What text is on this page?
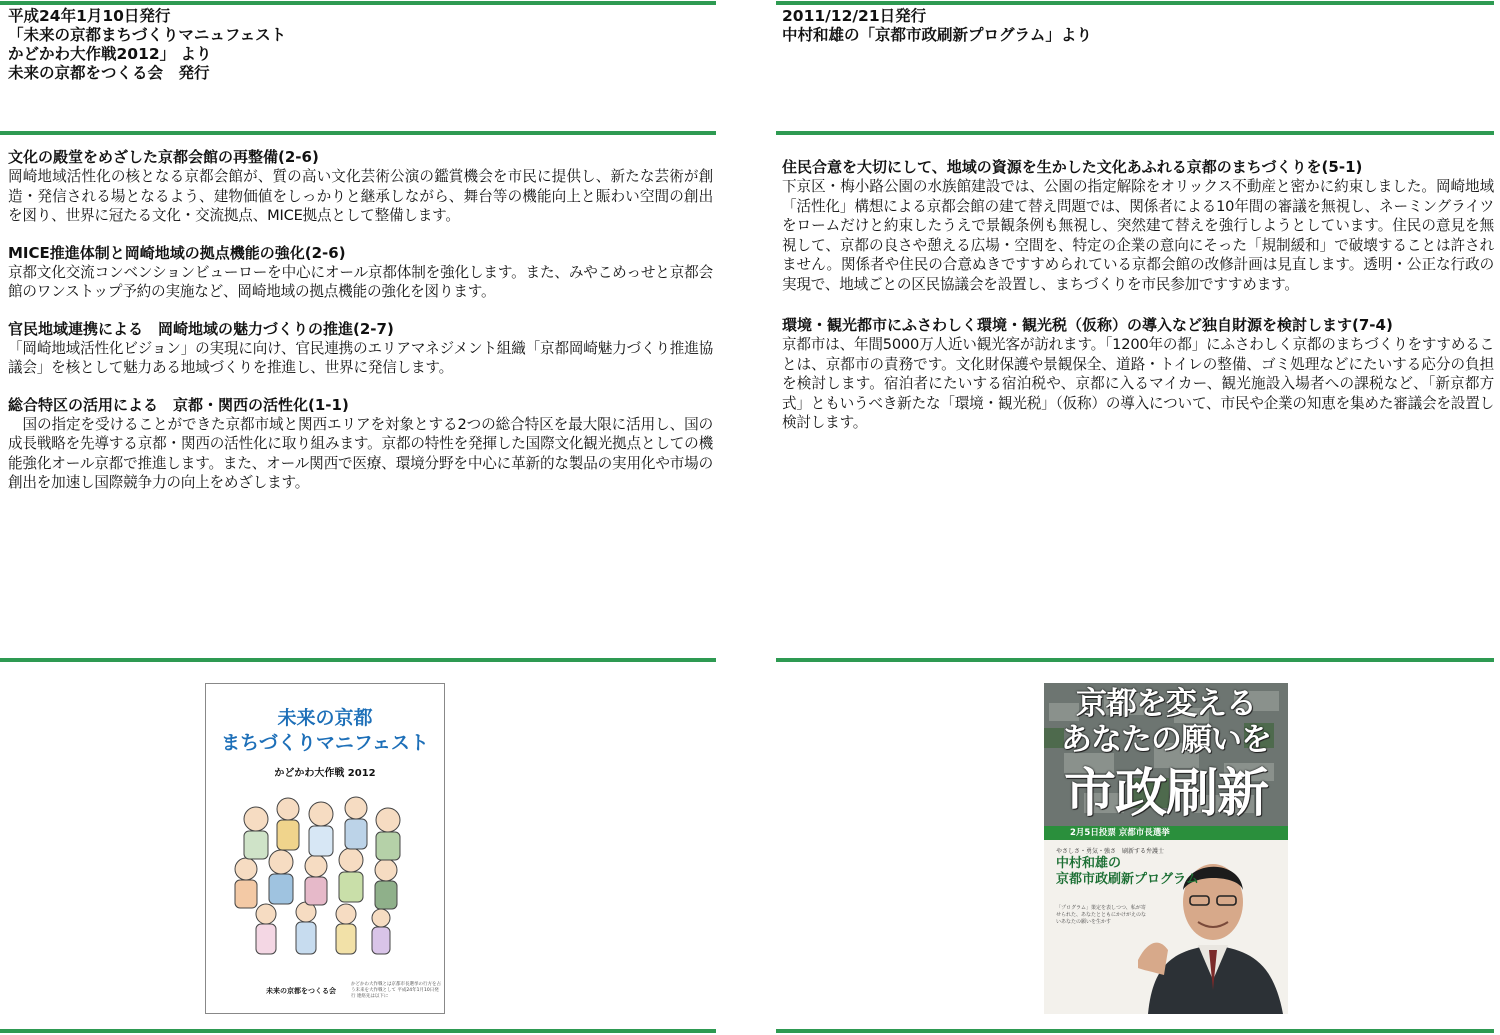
平成24年1月10日発行

「未来の京都まちづくりマニュフェスト

かどかわ大作戦2012」 より

未来の京都をつくる会　発行

2011/12/21日発行

中村和雄の「京都市政刷新プログラム」より

文化の殿堂をめざした京都会館の再整備(2-6)

岡崎地域活性化の核となる京都会館が、質の高い文化芸術公演の鑑賞機会を市民に提供し、新たな芸術が創造・発信される場となるよう、建物価値をしっかりと継承しながら、舞台等の機能向上と賑わい空間の創出を図り、世界に冠たる文化・交流拠点、MICE拠点として整備します。

MICE推進体制と岡崎地域の拠点機能の強化(2-6)

京都文化交流コンベンションビューローを中心にオール京都体制を強化します。また、みやこめっせと京都会館のワンストップ予約の実施など、岡崎地域の拠点機能の強化を図ります。

官民地域連携による　岡崎地域の魅力づくりの推進(2-7)

「岡崎地域活性化ビジョン」の実現に向け、官民連携のエリアマネジメント組織「京都岡崎魅力づくり推進協議会」を核として魅力ある地域づくりを推進し、世界に発信します。

総合特区の活用による　京都・関西の活性化(1-1)

　国の指定を受けることができた京都市域と関西エリアを対象とする2つの総合特区を最大限に活用し、国の成長戦略を先導する京都・関西の活性化に取り組みます。京都の特性を発揮した国際文化観光拠点としての機能強化オール京都で推進します。また、オール関西で医療、環境分野を中心に革新的な製品の実用化や市場の創出を加速し国際競争力の向上をめざします。

住民合意を大切にして、地域の資源を生かした文化あふれる京都のまちづくりを(5-1)

下京区・梅小路公園の水族館建設では、公園の指定解除をオリックス不動産と密かに約束しました。岡崎地域「活性化」構想による京都会館の建て替え問題では、関係者による10年間の審議を無視し、ネーミングライツをロームだけと約束したうえで景観条例も無視し、突然建て替えを強行しようとしています。住民の意見を無視して、京都の良さや憩える広場・空間を、特定の企業の意向にそった「規制緩和」で破壊することは許されません。関係者や住民の合意ぬきですすめられている京都会館の改修計画は見直します。透明・公正な行政の実現で、地域ごとの区民協議会を設置し、まちづくりを市民参加ですすめます。

環境・観光都市にふさわしく環境・観光税（仮称）の導入など独自財源を検討します(7-4)

京都市は、年間5000万人近い観光客が訪れます。「1200年の都」にふさわしく京都のまちづくりをすすめることは、京都市の責務です。文化財保護や景観保全、道路・トイレの整備、ゴミ処理などにたいする応分の負担を検討します。宿泊者にたいする宿泊税や、京都に入るマイカー、観光施設入場者への課税など、「新京都方式」ともいうべき新たな「環境・観光税」（仮称）の導入について、市民や企業の知恵を集めた審議会を設置し検討します。

未来の京都
まちづくりマニフェスト
かどかわ大作戦 2012
未来の京都をつくる会
かどかわ大作戦とは京都市長選挙の行方を占う未来を大作戦として 平成24年1月10日発行 連絡先は以下に
京都を変える
あなたの願いを
市政刷新
2月5日投票 京都市長選挙
やさしさ・勇気・強さ　刷新する弁護士
中村和雄の
京都市政刷新プログラム
「プログラム」策定を表しつつ、私が寄せられた、あなたとともにかけがえのないあなたの願いを生かす
